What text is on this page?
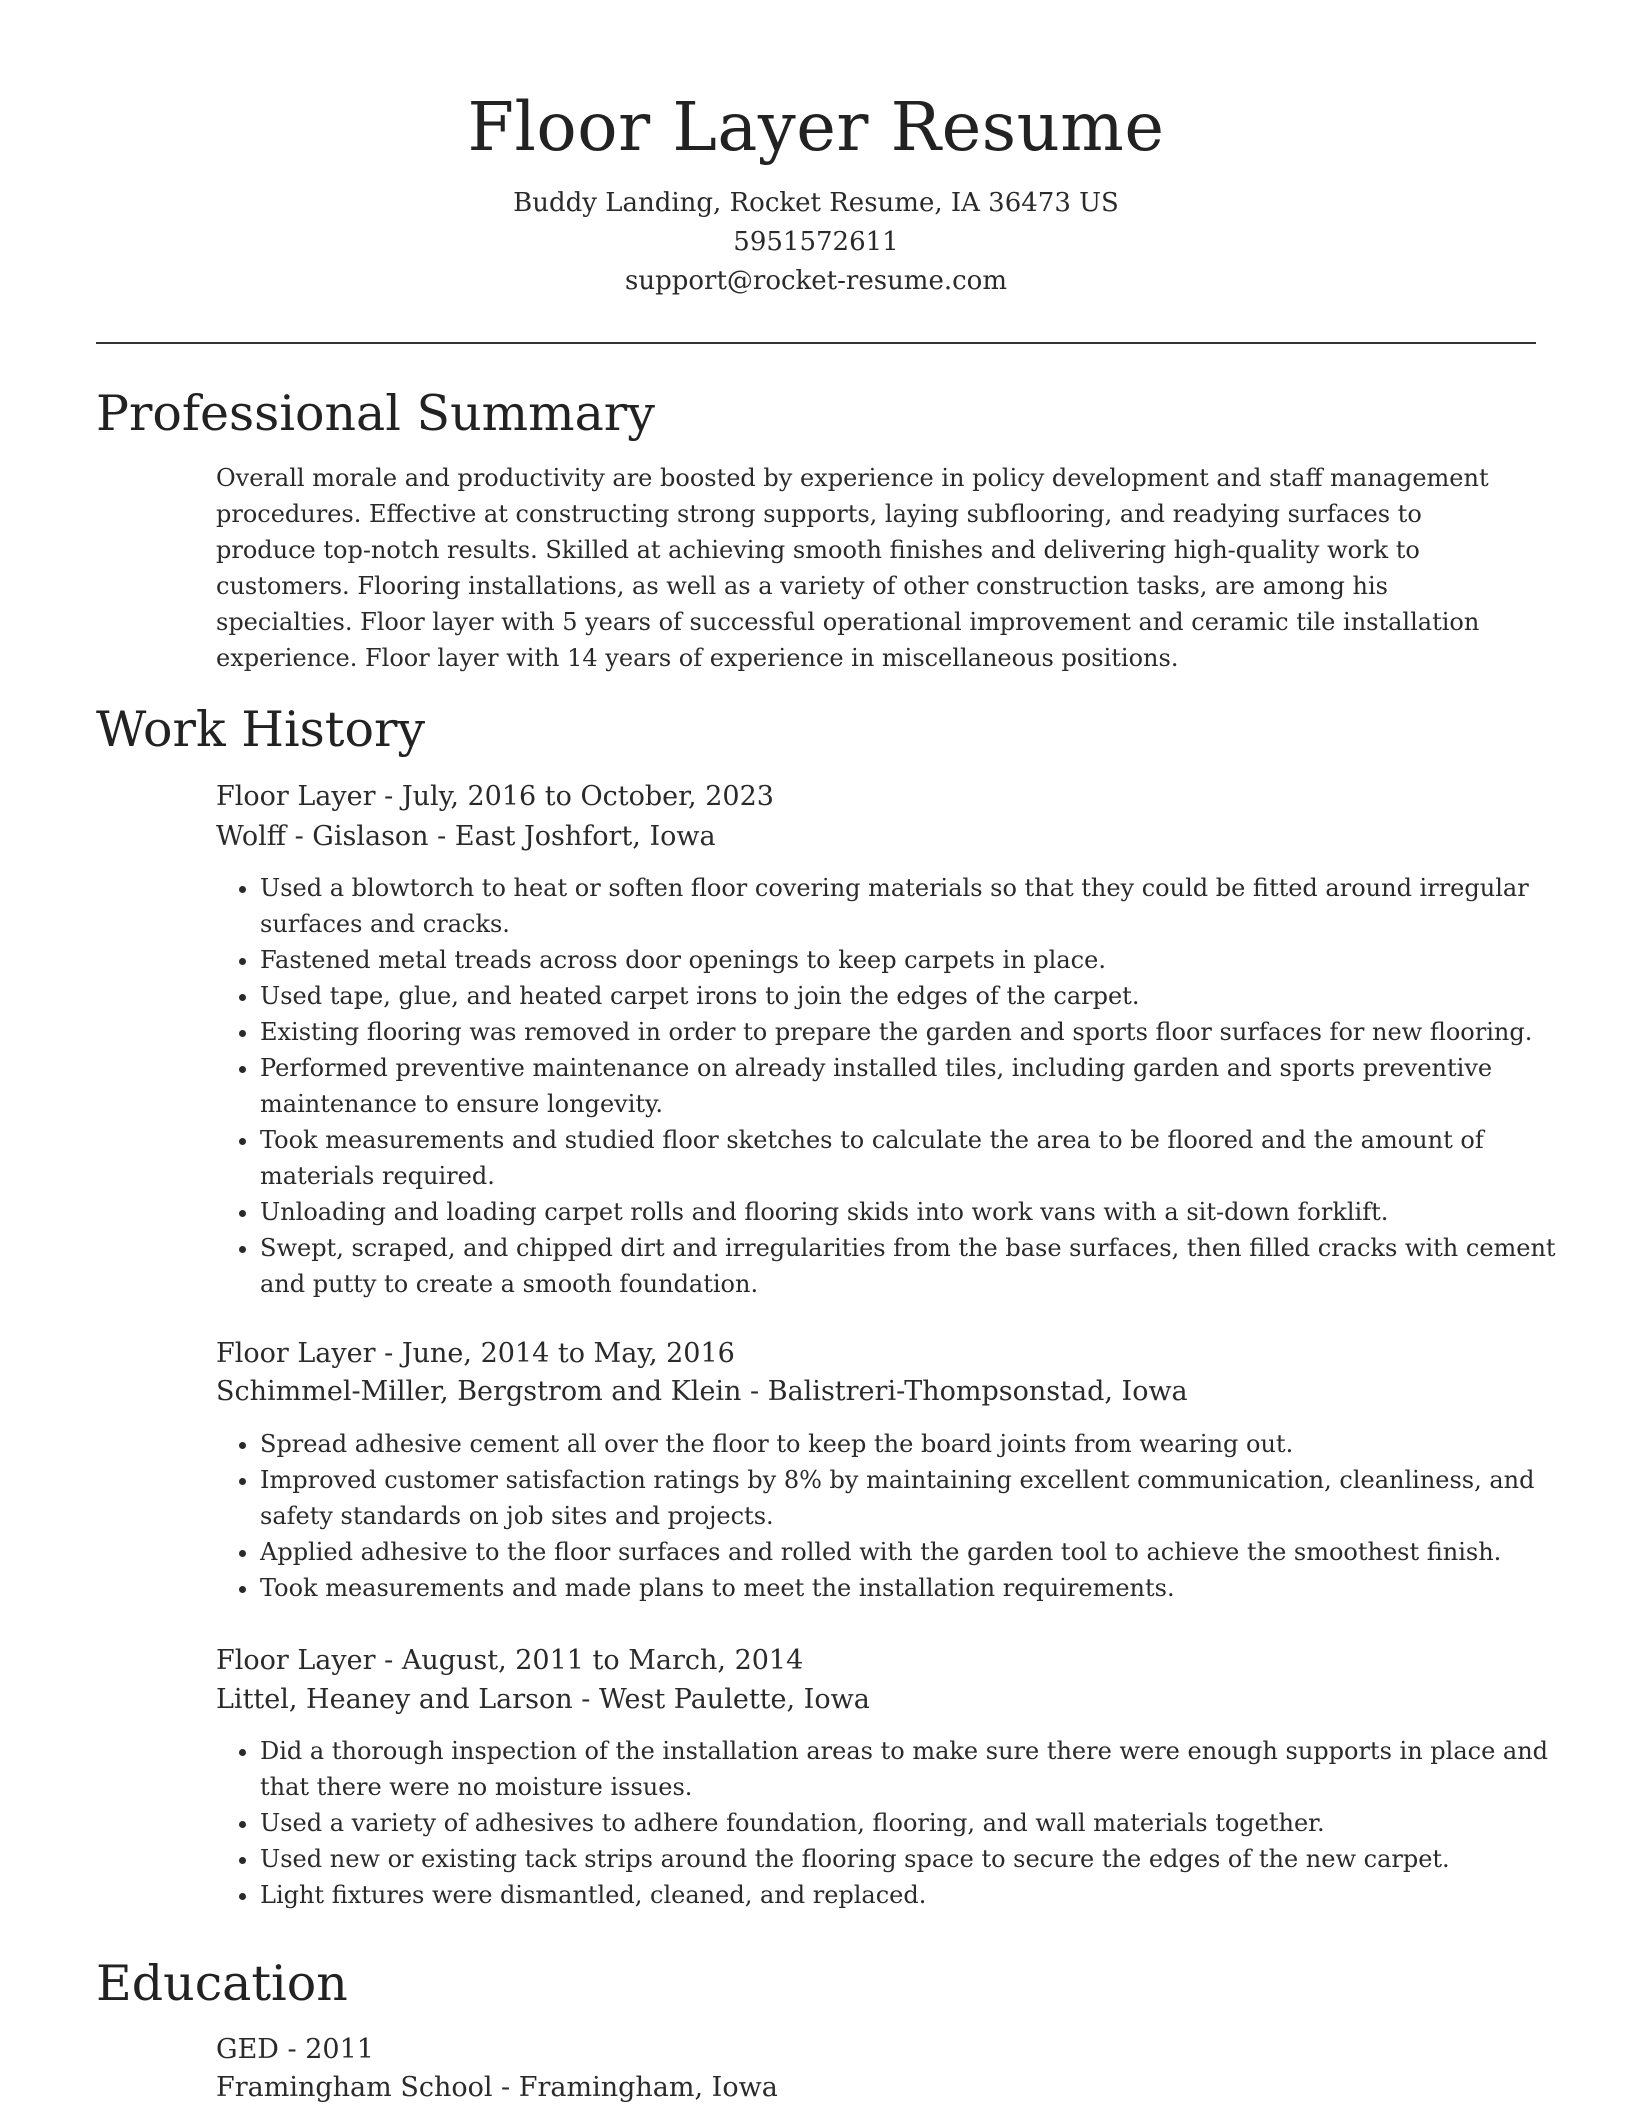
Floor Layer Resume
Buddy Landing, Rocket Resume, IA 36473 US
5951572611
support@rocket-resume.com
Professional Summary

Overall morale and productivity are boosted by experience in policy development and staff management procedures. Effective at constructing strong supports, laying subflooring, and readying surfaces to produce top-notch results. Skilled at achieving smooth finishes and delivering high-quality work to customers. Flooring installations, as well as a variety of other construction tasks, are among his specialties. Floor layer with 5 years of successful operational improvement and ceramic tile installation experience. Floor layer with 14 years of experience in miscellaneous positions.

Work History
Floor Layer - July, 2016 to October, 2023
Wolff - Gislason - East Joshfort, Iowa
• Used a blowtorch to heat or soften floor covering materials so that they could be fitted around irregular surfaces and cracks.
• Fastened metal treads across door openings to keep carpets in place.
• Used tape, glue, and heated carpet irons to join the edges of the carpet.
• Existing flooring was removed in order to prepare the garden and sports floor surfaces for new flooring.
• Performed preventive maintenance on already installed tiles, including garden and sports preventive maintenance to ensure longevity.
• Took measurements and studied floor sketches to calculate the area to be floored and the amount of materials required.
• Unloading and loading carpet rolls and flooring skids into work vans with a sit-down forklift.
• Swept, scraped, and chipped dirt and irregularities from the base surfaces, then filled cracks with cement and putty to create a smooth foundation.
Floor Layer - June, 2014 to May, 2016
Schimmel-Miller, Bergstrom and Klein - Balistreri-Thompsonstad, Iowa
• Spread adhesive cement all over the floor to keep the board joints from wearing out.
• Improved customer satisfaction ratings by 8% by maintaining excellent communication, cleanliness, and safety standards on job sites and projects.
• Applied adhesive to the floor surfaces and rolled with the garden tool to achieve the smoothest finish.
• Took measurements and made plans to meet the installation requirements.
Floor Layer - August, 2011 to March, 2014
Littel, Heaney and Larson - West Paulette, Iowa
• Did a thorough inspection of the installation areas to make sure there were enough supports in place and that there were no moisture issues.
• Used a variety of adhesives to adhere foundation, flooring, and wall materials together.
• Used new or existing tack strips around the flooring space to secure the edges of the new carpet.
• Light fixtures were dismantled, cleaned, and replaced.
Education
GED - 2011
Framingham School - Framingham, Iowa
